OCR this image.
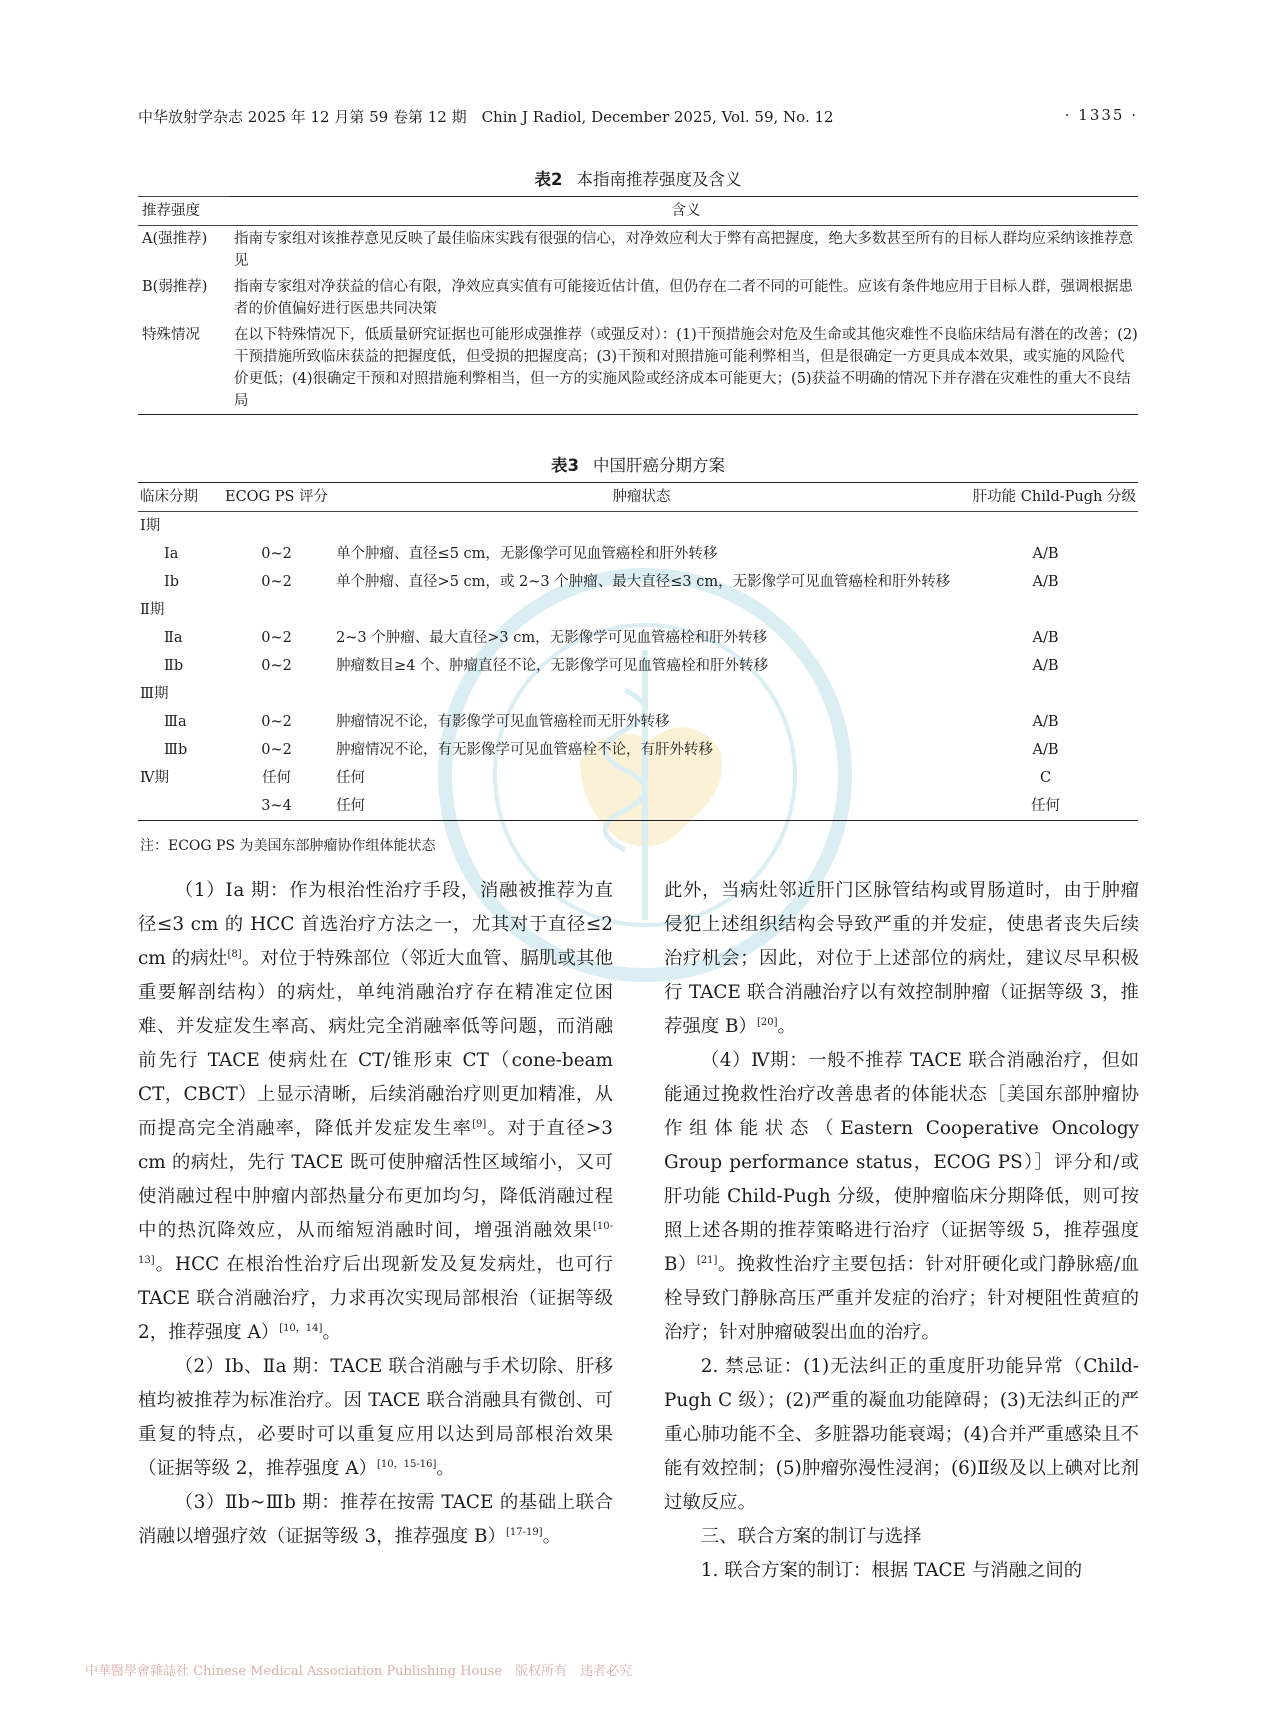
中华放射学杂志 2025 年 12 月第 59 卷第 12 期　Chin J Radiol, December 2025, Vol. 59, No. 12	· 1335 ·
表2 本指南推荐强度及含义
推荐强度	含义
A(强推荐)	指南专家组对该推荐意见反映了最佳临床实践有很强的信心，对净效应利大于弊有高把握度，绝大多数甚至所有的目标人群均应采纳该推荐意见
B(弱推荐)	指南专家组对净获益的信心有限，净效应真实值有可能接近估计值，但仍存在二者不同的可能性。应该有条件地应用于目标人群，强调根据患者的价值偏好进行医患共同决策
特殊情况	在以下特殊情况下，低质量研究证据也可能形成强推荐（或强反对）：(1)干预措施会对危及生命或其他灾难性不良临床结局有潜在的改善；(2)干预措施所致临床获益的把握度低，但受损的把握度高；(3)干预和对照措施可能利弊相当，但是很确定一方更具成本效果，或实施的风险代价更低；(4)很确定干预和对照措施利弊相当，但一方的实施风险或经济成本可能更大；(5)获益不明确的情况下并存潜在灾难性的重大不良结局
表3 中国肝癌分期方案
临床分期	ECOG PS 评分	肿瘤状态	肝功能 Child-Pugh 分级
Ⅰ期			
Ⅰa	0~2	单个肿瘤、直径≤5 cm，无影像学可见血管癌栓和肝外转移	A/B
Ⅰb	0~2	单个肿瘤、直径>5 cm，或 2~3 个肿瘤、最大直径≤3 cm，无影像学可见血管癌栓和肝外转移	A/B
Ⅱ期			
Ⅱa	0~2	2~3 个肿瘤、最大直径>3 cm，无影像学可见血管癌栓和肝外转移	A/B
Ⅱb	0~2	肿瘤数目≥4 个、肿瘤直径不论，无影像学可见血管癌栓和肝外转移	A/B
Ⅲ期			
Ⅲa	0~2	肿瘤情况不论，有影像学可见血管癌栓而无肝外转移	A/B
Ⅲb	0~2	肿瘤情况不论，有无影像学可见血管癌栓不论，有肝外转移	A/B
Ⅳ期	任何	任何	C
	3~4	任何	任何
注：ECOG PS 为美国东部肿瘤协作组体能状态

（1）Ⅰa 期：作为根治性治疗手段，消融被推荐为直径≤3 cm 的 HCC 首选治疗方法之一，尤其对于直径≤2 cm 的病灶[8]。对位于特殊部位（邻近大血管、膈肌或其他重要解剖结构）的病灶，单纯消融治疗存在精准定位困难、并发症发生率高、病灶完全消融率低等问题，而消融前先行 TACE 使病灶在 CT/锥形束 CT（cone-beam CT，CBCT）上显示清晰，后续消融治疗则更加精准，从而提高完全消融率，降低并发症发生率[9]。对于直径>3 cm 的病灶，先行 TACE 既可使肿瘤活性区域缩小，又可使消融过程中肿瘤内部热量分布更加均匀，降低消融过程中的热沉降效应，从而缩短消融时间，增强消融效果[10-13]。HCC 在根治性治疗后出现新发及复发病灶，也可行 TACE 联合消融治疗，力求再次实现局部根治（证据等级 2，推荐强度 A）[10，14]。

（2）Ⅰb、Ⅱa 期：TACE 联合消融与手术切除、肝移植均被推荐为标准治疗。因 TACE 联合消融具有微创、可重复的特点，必要时可以重复应用以达到局部根治效果（证据等级 2，推荐强度 A）[10，15-16]。

（3）Ⅱb~Ⅲb 期：推荐在按需 TACE 的基础上联合消融以增强疗效（证据等级 3，推荐强度 B）[17-19]。

此外，当病灶邻近肝门区脉管结构或胃肠道时，由于肿瘤侵犯上述组织结构会导致严重的并发症，使患者丧失后续治疗机会；因此，对位于上述部位的病灶，建议尽早积极行 TACE 联合消融治疗以有效控制肿瘤（证据等级 3，推荐强度 B）[20]。

（4）Ⅳ期：一般不推荐 TACE 联合消融治疗，但如能通过挽救性治疗改善患者的体能状态［美国东部肿瘤协作组体能状态（Eastern Cooperative Oncology Group performance status，ECOG PS）］评分和/或肝功能 Child-Pugh 分级，使肿瘤临床分期降低，则可按照上述各期的推荐策略进行治疗（证据等级 5，推荐强度 B）[21]。挽救性治疗主要包括：针对肝硬化或门静脉癌/血栓导致门静脉高压严重并发症的治疗；针对梗阻性黄疸的治疗；针对肿瘤破裂出血的治疗。

2. 禁忌证：(1)无法纠正的重度肝功能异常（Child-Pugh C 级）；(2)严重的凝血功能障碍；(3)无法纠正的严重心肺功能不全、多脏器功能衰竭；(4)合并严重感染且不能有效控制；(5)肿瘤弥漫性浸润；(6)Ⅱ级及以上碘对比剂过敏反应。

三、联合方案的制订与选择

1. 联合方案的制订：根据 TACE 与消融之间的

中華醫學會雜誌社 Chinese Medical Association Publishing House　版权所有　违者必究
